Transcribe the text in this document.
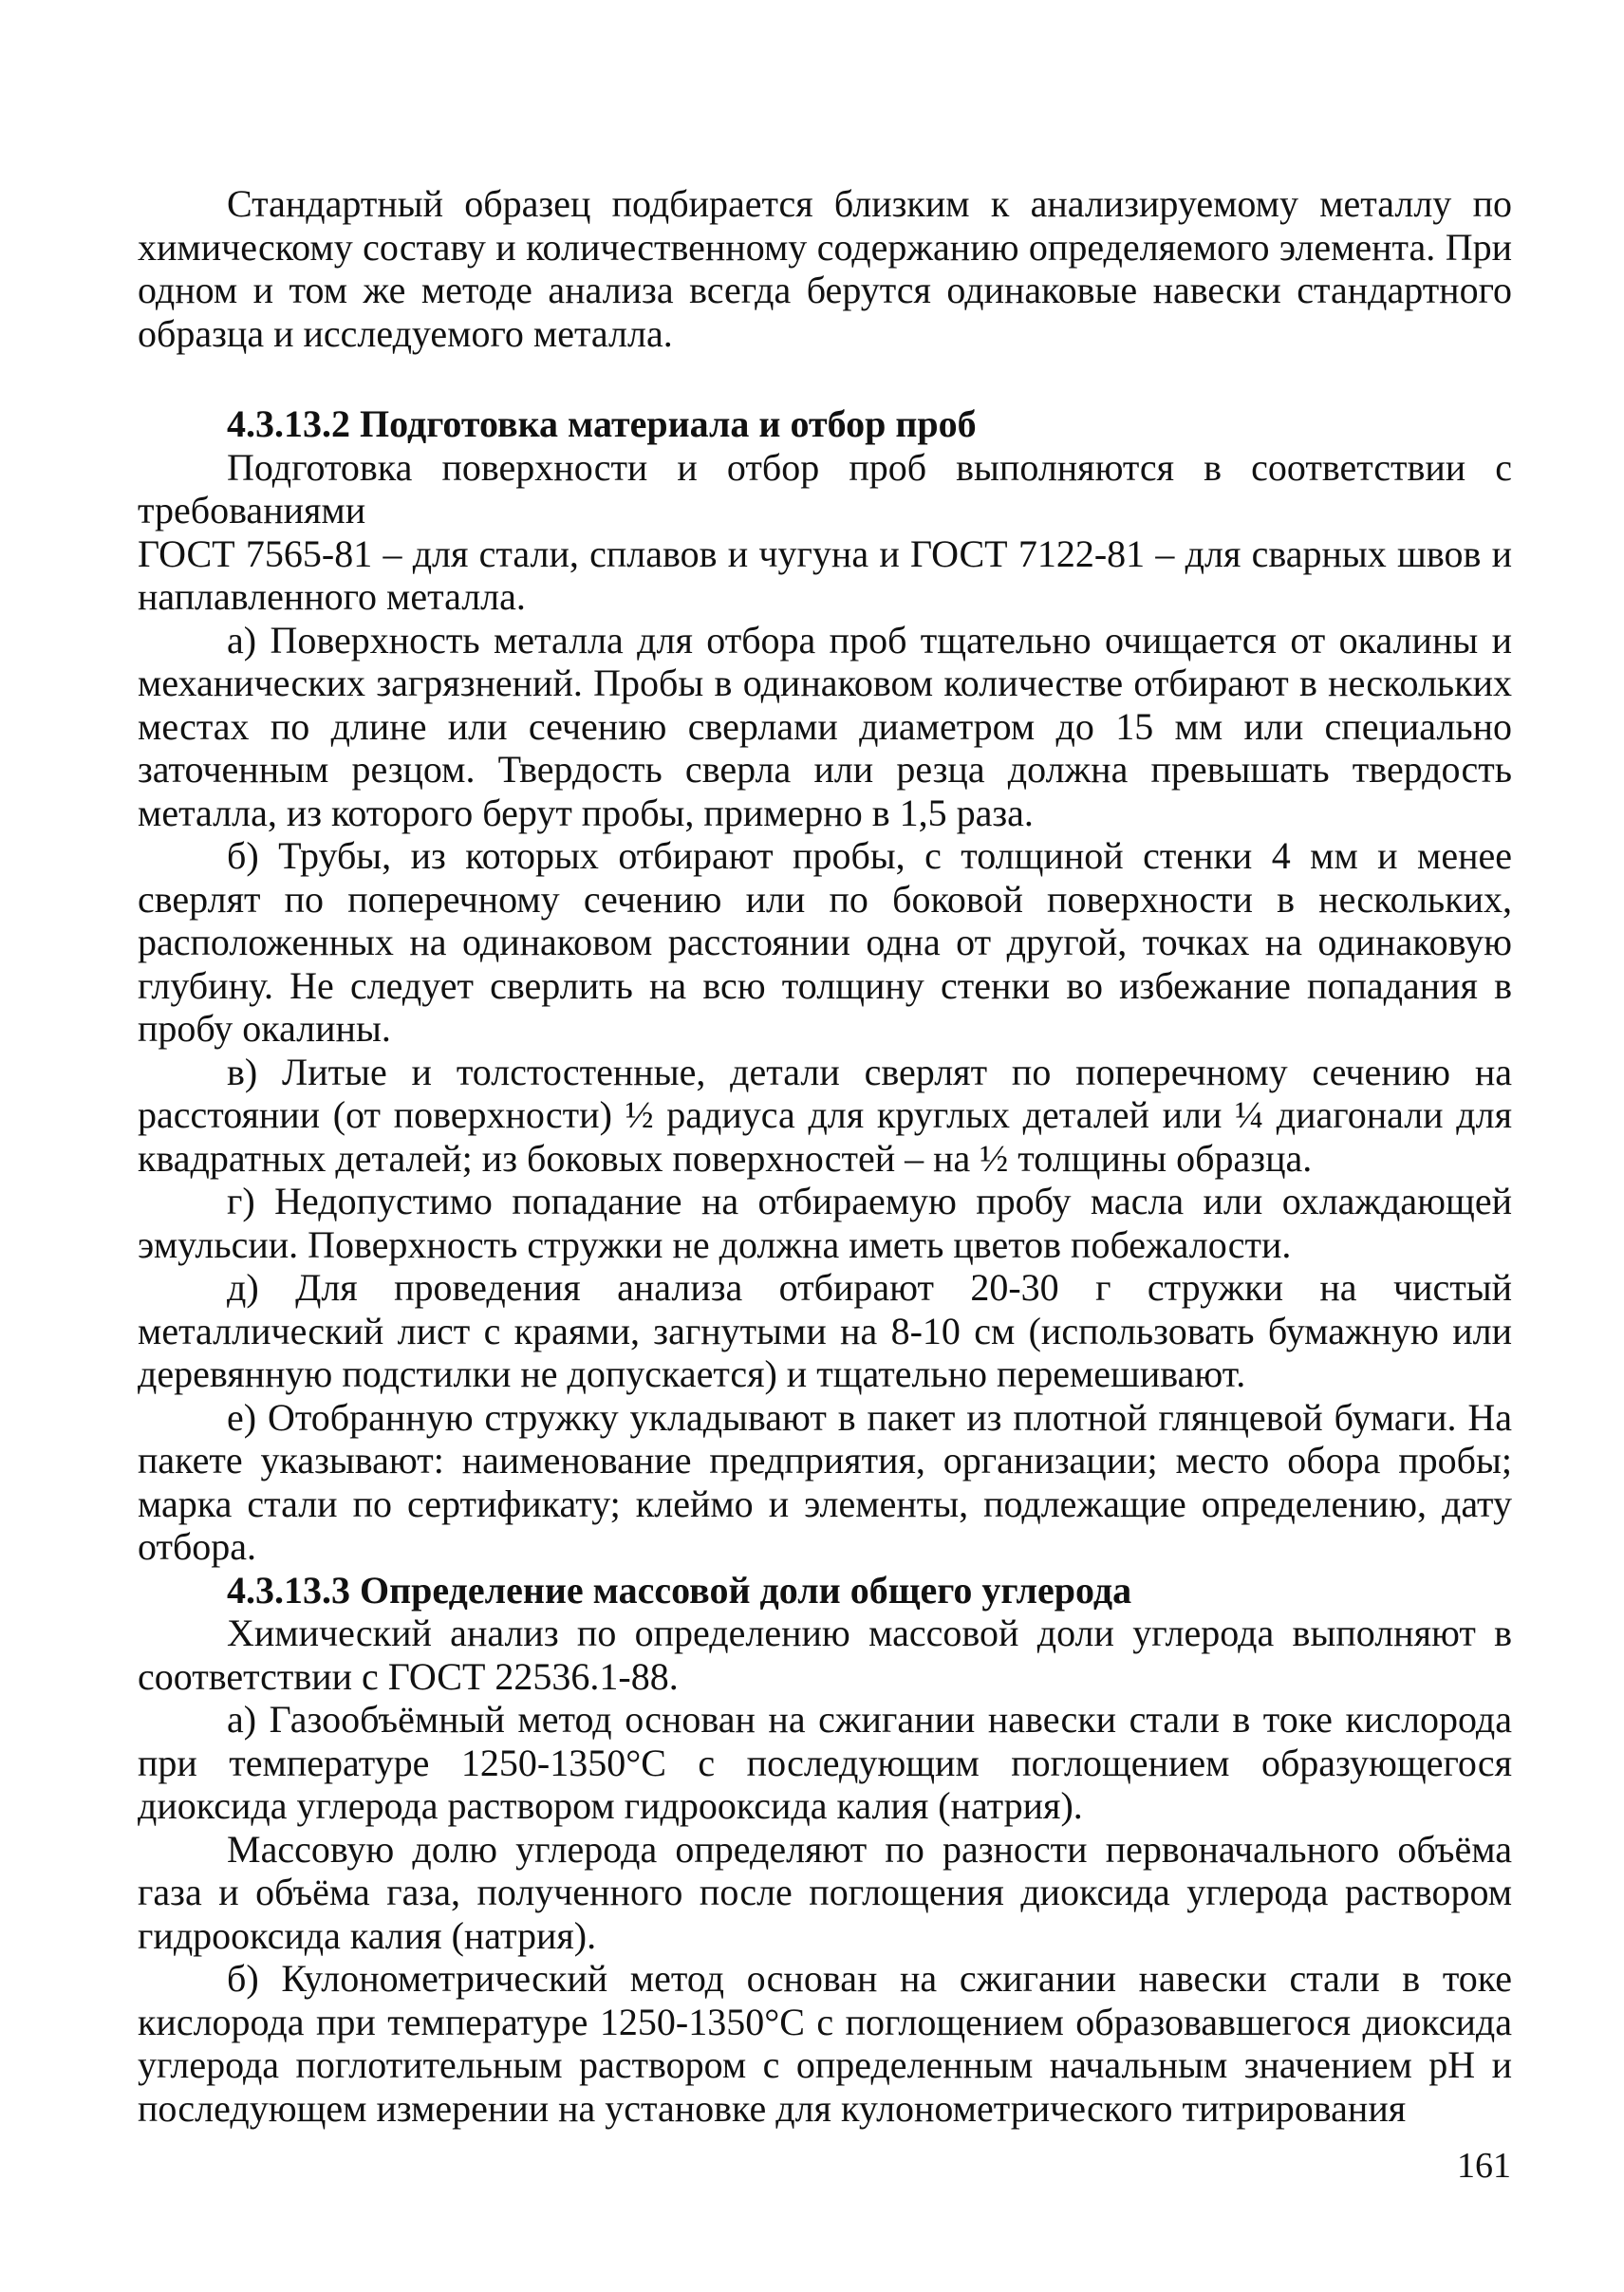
Стандартный образец подбирается близким к анализируемому металлу по химическому составу и количественному содержанию определяемого элемента. При одном и том же методе анализа всегда берутся одинаковые навески стандартного образца и исследуемого металла.

4.3.13.2 Подготовка материала и отбор проб

Подготовка поверхности и отбор проб выполняются в соответствии с требованиями

ГОСТ 7565-81 – для стали, сплавов и чугуна и ГОСТ 7122-81 – для сварных швов и наплавленного металла.

а) Поверхность металла для отбора проб тщательно очищается от окалины и механических загрязнений. Пробы в одинаковом количестве отбирают в нескольких местах по длине или сечению сверлами диаметром до 15 мм или специально заточенным резцом. Твердость сверла или резца должна превышать твердость металла, из которого берут пробы, примерно в 1,5 раза.

б) Трубы, из которых отбирают пробы, с толщиной стенки 4 мм и менее сверлят по поперечному сечению или по боковой поверхности в нескольких, расположенных на одинаковом расстоянии одна от другой, точках на одинаковую глубину. Не следует сверлить на всю толщину стенки во избежание попадания в пробу окалины.

в) Литые и толстостенные, детали сверлят по поперечному сечению на расстоянии (от поверхности) ½ радиуса для круглых деталей или ¼ диагонали для квадратных деталей; из боковых поверхностей – на ½ толщины образца.

г) Недопустимо попадание на отбираемую пробу масла или охлаждающей эмульсии. Поверхность стружки не должна иметь цветов побежалости.

д) Для проведения анализа отбирают 20-30 г стружки на чистый металлический лист с краями, загнутыми на 8-10 см (использовать бумажную или деревянную подстилки не допускается) и тщательно перемешивают.

е) Отобранную стружку укладывают в пакет из плотной глянцевой бумаги. На пакете указывают: наименование предприятия, организации; место обора пробы; марка стали по сертификату; клеймо и элементы, подлежащие определению, дату отбора.

4.3.13.3 Определение массовой доли общего углерода

Химический анализ по определению массовой доли углерода выполняют в соответствии с ГОСТ 22536.1-88.

а) Газообъёмный метод основан на сжигании навески стали в токе кислорода при температуре 1250-1350°С с последующим поглощением образующегося диоксида углерода раствором гидрооксида калия (натрия).

Массовую долю углерода определяют по разности первоначального объёма газа и объёма газа, полученного после поглощения диоксида углерода раствором гидрооксида калия (натрия).

б) Кулонометрический метод основан на сжигании навески стали в токе кислорода при температуре 1250-1350°С с поглощением образовавшегося диоксида углерода поглотительным раствором с определенным начальным значением рН и последующем измерении на установке для кулонометрического титрирования

161
